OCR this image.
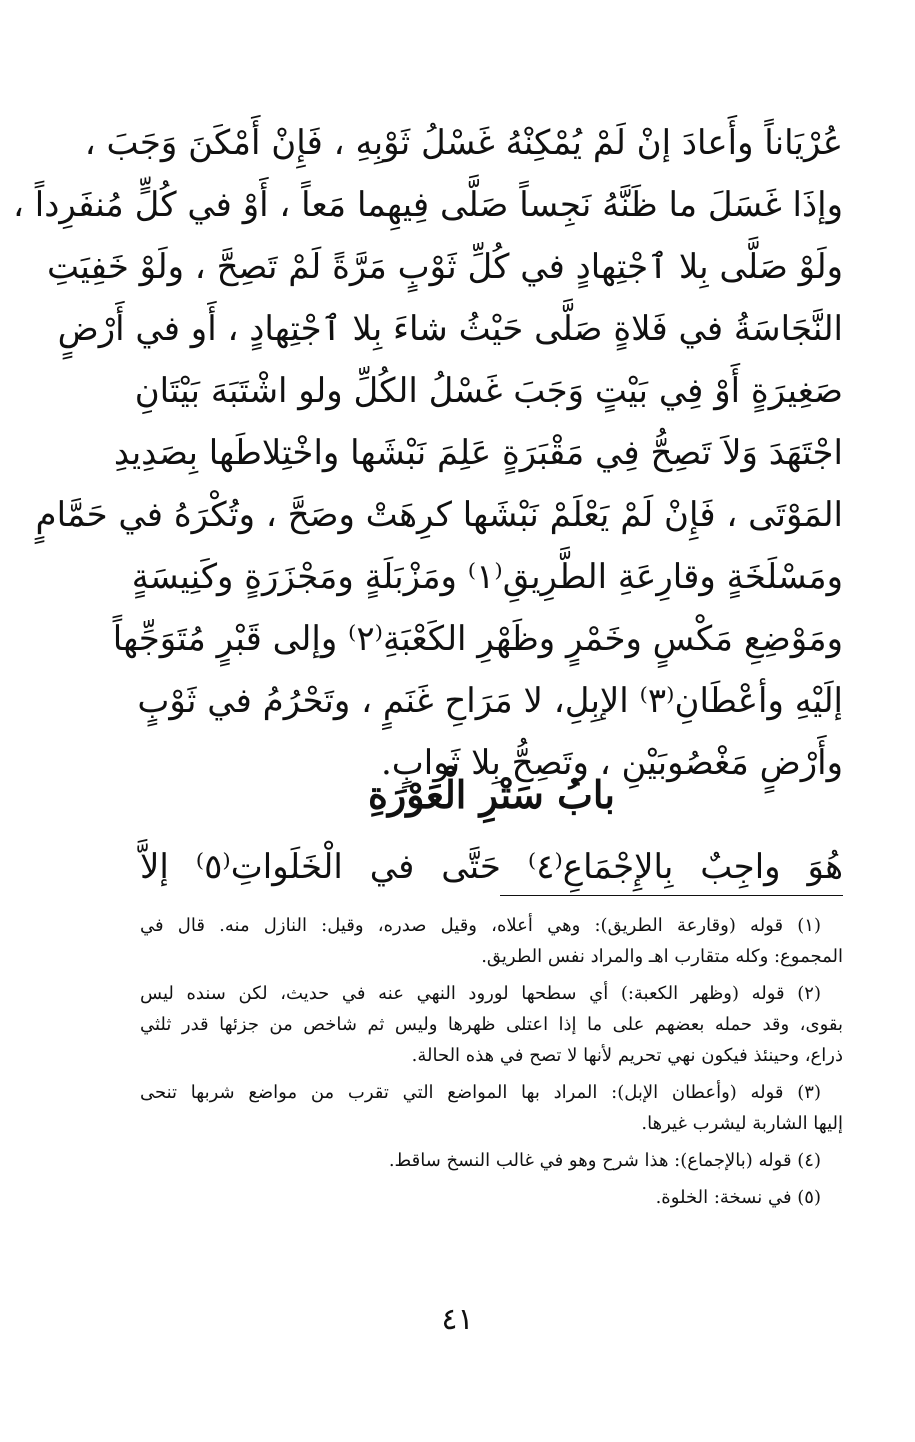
عُرْيَاناً وأَعادَ إنْ لَمْ يُمْكِنْهُ غَسْلُ ثَوْبِهِ ، فَإِنْ أَمْكَنَ وَجَبَ ،
وإذَا غَسَلَ ما ظَنَّهُ نَجِساً صَلَّى فِيهِما مَعاً ، أَوْ في كُلٍّ مُنفَرِداً ،
ولَوْ صَلَّى بِلا ٱجْتِهادٍ في كُلِّ ثَوْبٍ مَرَّةً لَمْ تَصِحَّ ، ولَوْ خَفِيَتِ
النَّجَاسَةُ في فَلاةٍ صَلَّى حَيْثُ شاءَ بِلا ٱجْتِهادٍ ، أَو في أَرْضٍ
صَغِيرَةٍ أَوْ فِي بَيْتٍ وَجَبَ غَسْلُ الكُلِّ ولو اشْتَبَهَ بَيْتَانِ
اجْتَهَدَ وَلاَ تَصِحُّ فِي مَقْبَرَةٍ عَلِمَ نَبْشَها واخْتِلاطَها بِصَدِيدِ
المَوْتَى ، فَإِنْ لَمْ يَعْلَمْ نَبْشَها كرِهَتْ وصَحَّ ، وتُكْرَهُ في حَمَّامٍ
ومَسْلَخَةٍ وقارِعَةِ الطَّرِيقِ⁽١⁾ ومَزْبَلَةٍ ومَجْزَرَةٍ وكَنِيسَةٍ
ومَوْضِعِ مَكْسٍ وخَمْرٍ وظَهْرِ الكَعْبَةِ⁽٢⁾ وإلى قَبْرٍ مُتَوَجِّهاً
إلَيْهِ وأعْطَانِ⁽٣⁾ الإبِلِ، لا مَرَاحِ غَنَمٍ ، وتَحْرُمُ في ثَوْبٍ
وأَرْضٍ مَغْصُوبَيْنِ ، وتَصِحُّ بِلا ثَوابٍ.
بابُ سَتْرِ الْعَوْرَةِ
هُوَ واجِبٌ بِالإِجْمَاعِ⁽٤⁾ حَتَّى في الْخَلَواتِ⁽٥⁾ إلاَّ
(١) قوله (وقارعة الطريق): وهي أعلاه، وقيل صدره، وقيل: النازل منه. قال في
المجموع: وكله متقارب اهـ والمراد نفس الطريق.
(٢) قوله (وظهر الكعبة:) أي سطحها لورود النهي عنه في حديث، لكن سنده ليس
بقوى، وقد حمله بعضهم على ما إذا اعتلى ظهرها وليس ثم شاخص من جزئها قدر ثلثي
ذراع، وحينئذ فيكون نهي تحريم لأنها لا تصح في هذه الحالة.
(٣) قوله (وأعطان الإبل): المراد بها المواضع التي تقرب من مواضع شربها تنحى
إليها الشاربة ليشرب غيرها.
(٤) قوله (بالإجماع): هذا شرح وهو في غالب النسخ ساقط.
(٥) في نسخة: الخلوة.
٤١
